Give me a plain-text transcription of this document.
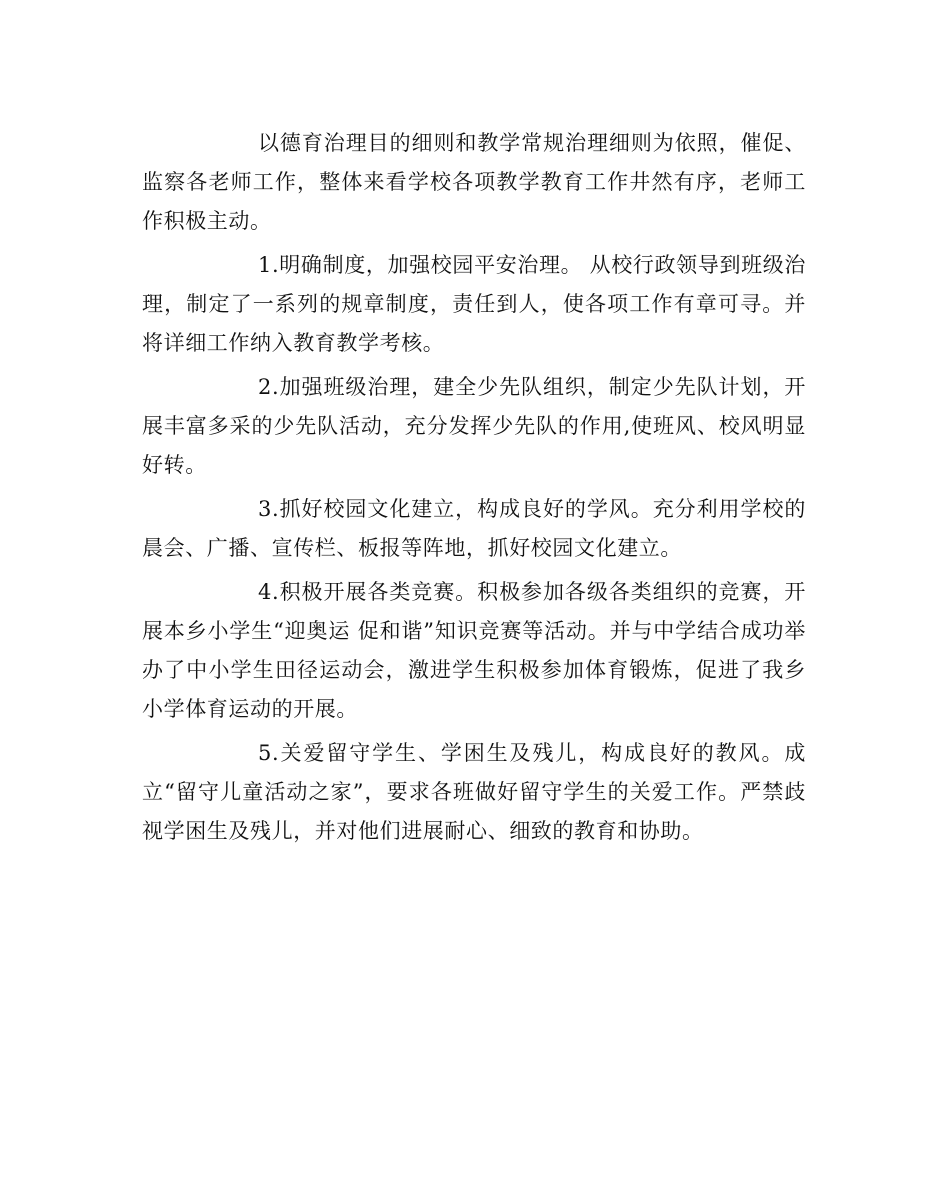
以德育治理目的细则和教学常规治理细则为依照，催促、监察各老师工作，整体来看学校各项教学教育工作井然有序，老师工作积极主动。

1.明确制度，加强校园平安治理。 从校行政领导到班级治理，制定了一系列的规章制度，责任到人，使各项工作有章可寻。并将详细工作纳入教育教学考核。

2.加强班级治理，建全少先队组织，制定少先队计划，开展丰富多采的少先队活动，充分发挥少先队的作用,使班风、校风明显好转。

3.抓好校园文化建立，构成良好的学风。充分利用学校的晨会、广播、宣传栏、板报等阵地，抓好校园文化建立。

4.积极开展各类竞赛。积极参加各级各类组织的竞赛，开展本乡小学生“迎奥运 促和谐”知识竞赛等活动。并与中学结合成功举办了中小学生田径运动会，激进学生积极参加体育锻炼，促进了我乡小学体育运动的开展。

5.关爱留守学生、学困生及残儿，构成良好的教风。成立“留守儿童活动之家”，要求各班做好留守学生的关爱工作。严禁歧视学困生及残儿，并对他们进展耐心、细致的教育和协助。
